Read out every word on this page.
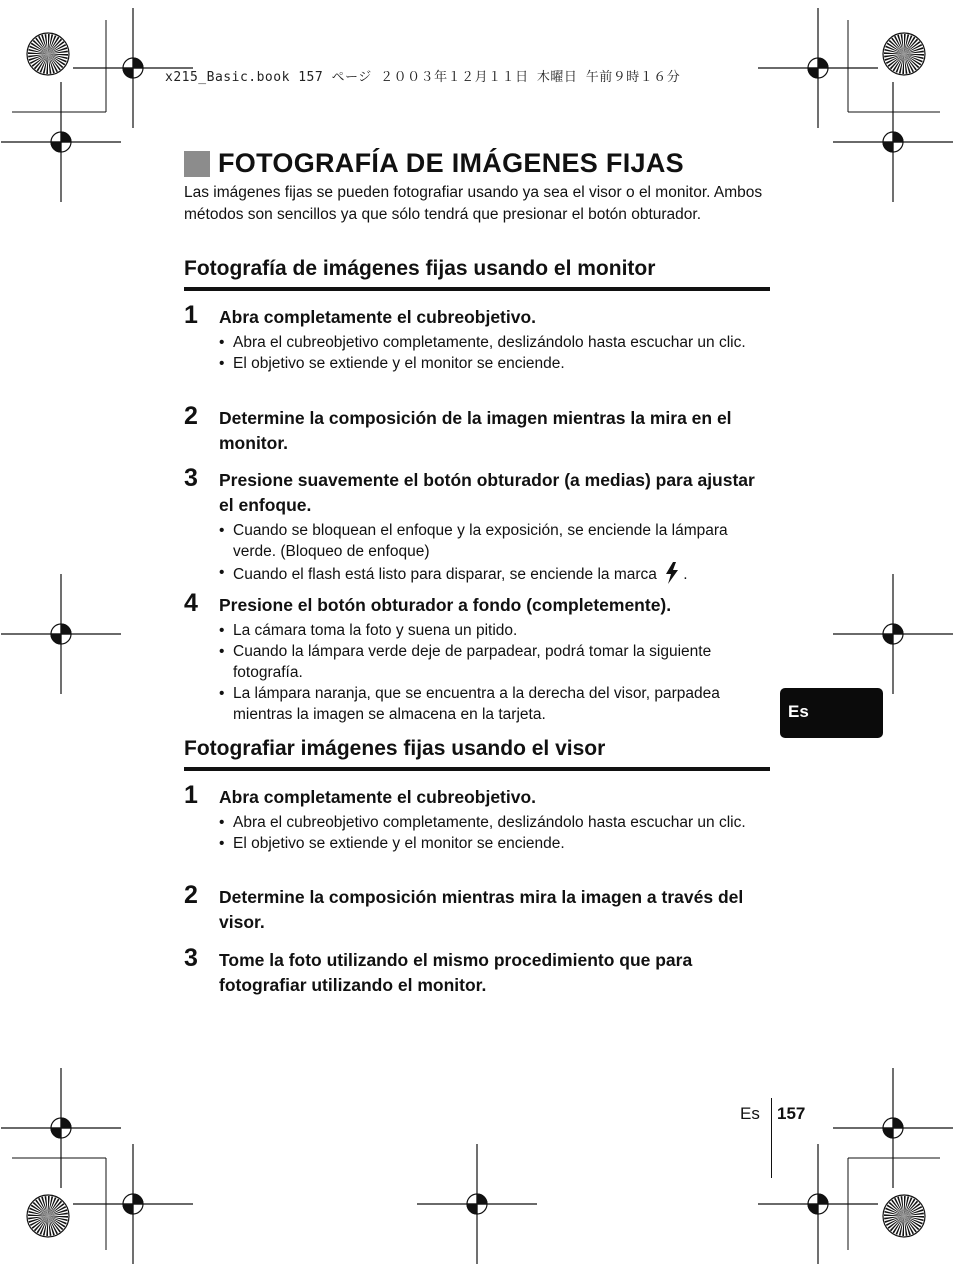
x215_Basic.book 157 ページ ２００３年１２月１１日 木曜日 午前９時１６分
FOTOGRAFÍA DE IMÁGENES FIJAS

Las imágenes fijas se pueden fotografiar usando ya sea el visor o el monitor. Ambos métodos son sencillos ya que sólo tendrá que presionar el botón obturador.

Fotografía de imágenes fijas usando el monitor
1 Abra completamente el cubreobjetivo.

• Abra el cubreobjetivo completamente, deslizándolo hasta escuchar un clic.
• El objetivo se extiende y el monitor se enciende.
2 Determine la composición de la imagen mientras la mira en el monitor.

3 Presione suavemente el botón obturador (a medias) para ajustar el enfoque.

• Cuando se bloquean el enfoque y la exposición, se enciende la lámpara verde. (Bloqueo de enfoque)
• Cuando el flash está listo para disparar, se enciende la marca .
4 Presione el botón obturador a fondo (completemente).

• La cámara toma la foto y suena un pitido.
• Cuando la lámpara verde deje de parpadear, podrá tomar la siguiente fotografía.
• La lámpara naranja, que se encuentra a la derecha del visor, parpadea mientras la imagen se almacena en la tarjeta.
Fotografiar imágenes fijas usando el visor
1 Abra completamente el cubreobjetivo.

• Abra el cubreobjetivo completamente, deslizándolo hasta escuchar un clic.
• El objetivo se extiende y el monitor se enciende.
2 Determine la composición mientras mira la imagen a través del visor.

3 Tome la foto utilizando el mismo procedimiento que para fotografiar utilizando el monitor.

Es
Es 157
